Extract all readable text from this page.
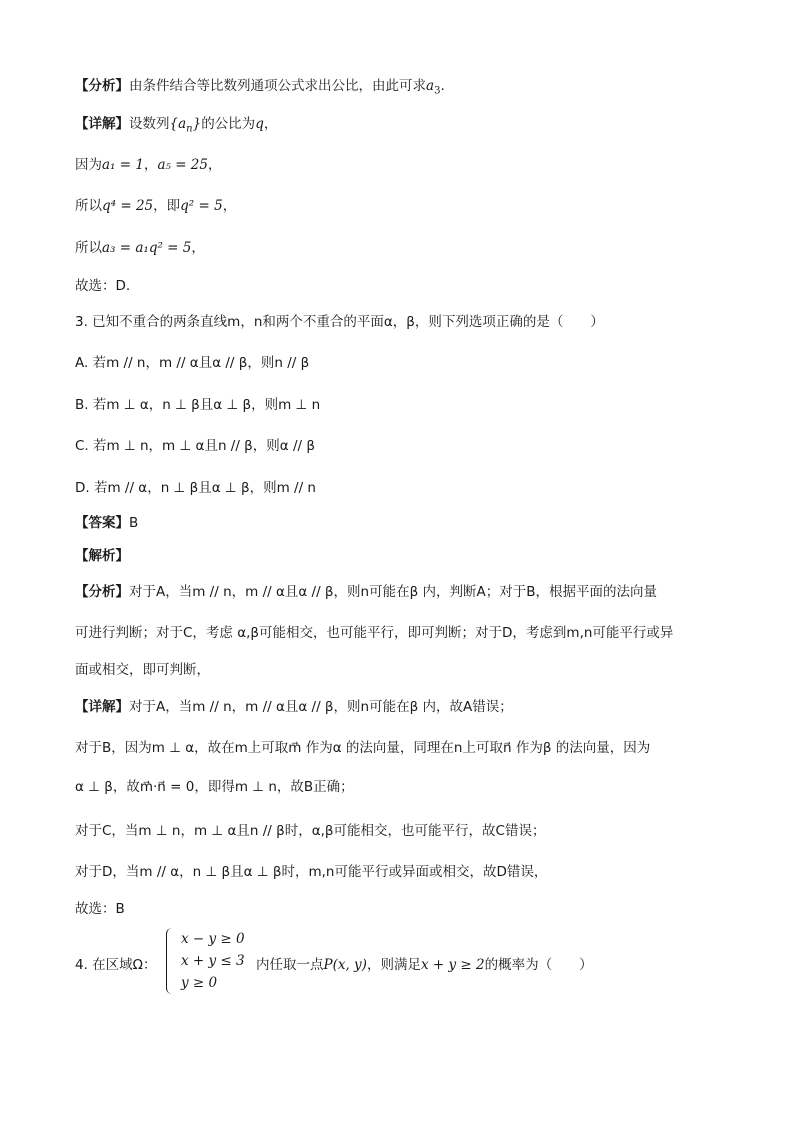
【分析】由条件结合等比数列通项公式求出公比，由此可求$a_3$.
【详解】设数列$\{a_n\}$的公比为q，
因为a₁ = 1，a₅ = 25，
所以q⁴ = 25，即q² = 5，
所以a₃ = a₁q² = 5，
故选：D.
3. 已知不重合的两条直线m，n和两个不重合的平面α，β，则下列选项正确的是（　　）
A. 若m // n，m // α且α // β，则n // β
B. 若m ⊥ α，n ⊥ β且α ⊥ β，则m ⊥ n
C. 若m ⊥ n，m ⊥ α且n // β，则α // β
D. 若m // α，n ⊥ β且α ⊥ β，则m // n
【答案】B
【解析】
【分析】对于A，当m // n，m // α且α // β，则n可能在β 内，判断A；对于B，根据平面的法向量
可进行判断；对于C，考虑 α,β可能相交，也可能平行，即可判断；对于D，考虑到m,n可能平行或异
面或相交，即可判断，
【详解】对于A，当m // n，m // α且α // β，则n可能在β 内，故A错误；
对于B，因为m ⊥ α，故在m上可取m⃗ 作为α 的法向量，同理在n上可取n⃗ 作为β 的法向量，因为
α ⊥ β，故m⃗·n⃗ = 0，即得m ⊥ n，故B正确；
对于C，当m ⊥ n，m ⊥ α且n // β时，α,β可能相交，也可能平行，故C错误；
对于D，当m // α，n ⊥ β且α ⊥ β时，m,n可能平行或异面或相交，故D错误，
故选：B
4. 在区域Ω：
x − y ≥ 0
x + y ≤ 3
y ≥ 0
内任取一点P(x, y)，则满足x + y ≥ 2的概率为（　　）
